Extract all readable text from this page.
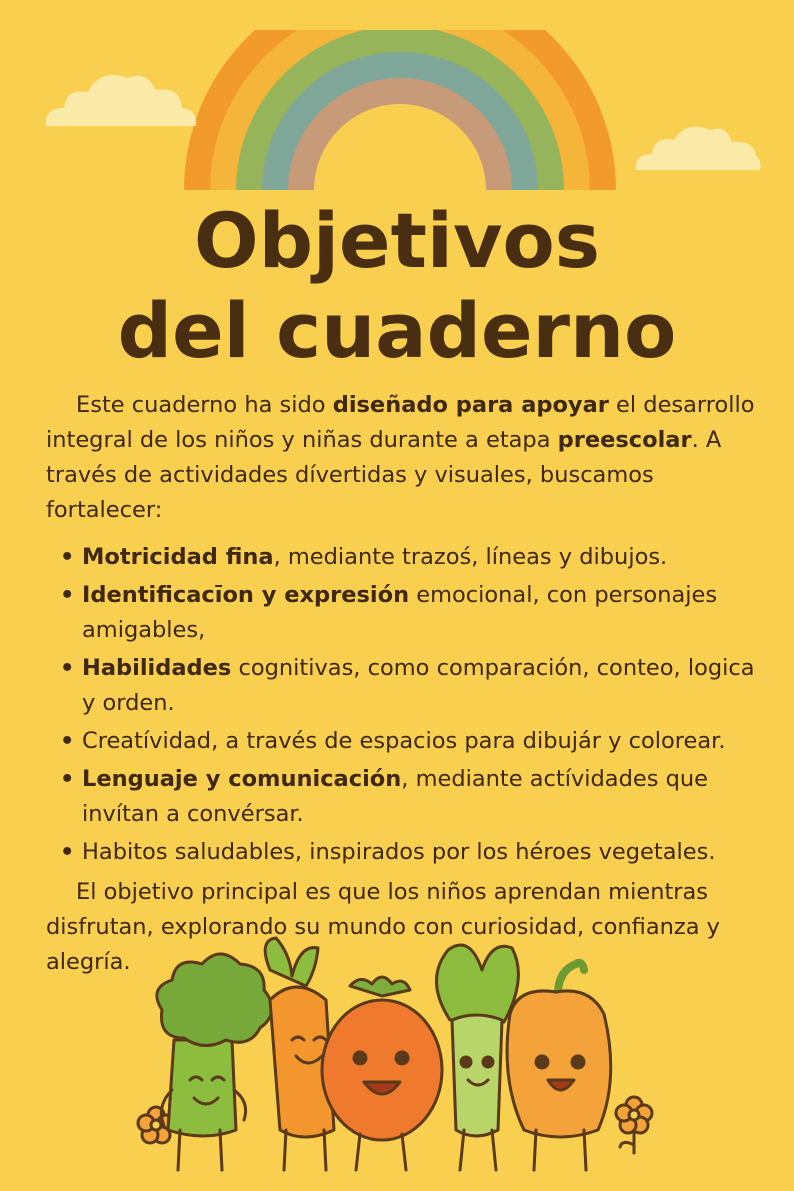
Objetivos
del cuaderno

Este cuaderno ha sido diseñado para apoyar el desarrollo integral de los niños y niñas durante a etapa preescolar. A través de actividades dívertidas y visuales, buscamos fortalecer:

• Motricidad fina, mediante trazoś, líneas y dibujos.
• Identificacīon y expresión emocional, con personajes amigables,
• Habilidades cognitivas, como comparación, conteo, logica y orden.
• Creatívidad, a través de espacios para dibujár y colorear.
• Lenguaje y comunicación, mediante actívidades que invítan a convérsar.
• Habitos saludables, inspirados por los héroes vegetales.

El objetivo principal es que los niños aprendan mientras disfrutan, explorando su mundo con curiosidad, confianza y alegría.
